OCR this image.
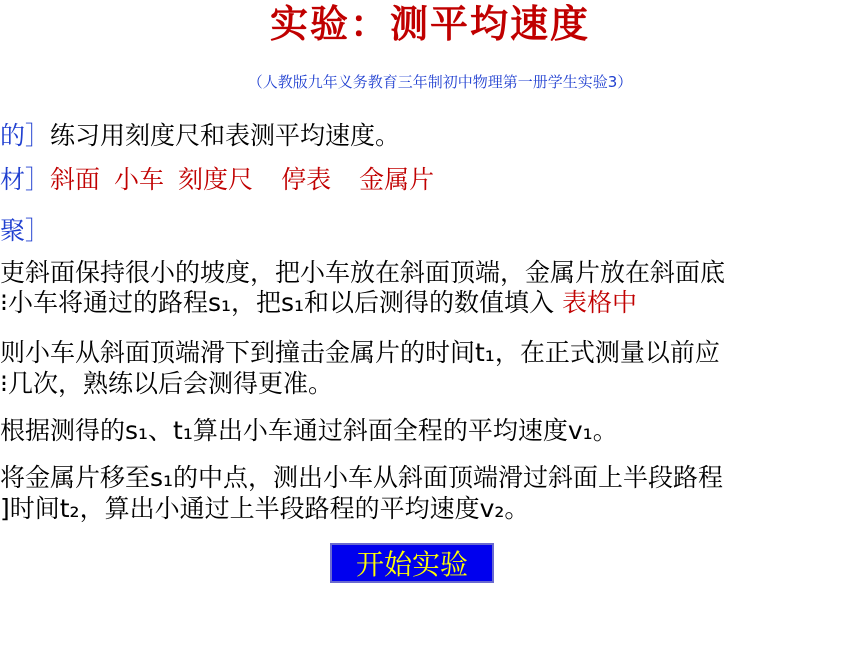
实验：测平均速度
（人教版九年义务教育三年制初中物理第一册学生实验3）
的］练习用刻度尺和表测平均速度。
材］斜面 小车 刻度尺 停表 金属片
聚］
吏斜面保持很小的坡度，把小车放在斜面顶端，金属片放在斜面底
⁝小车将通过的路程s₁，把s₁和以后测得的数值填入 表格中
则小车从斜面顶端滑下到撞击金属片的时间t₁，在正式测量以前应
⁝几次，熟练以后会测得更准。
根据测得的s₁、t₁算出小车通过斜面全程的平均速度v₁。
将金属片移至s₁的中点，测出小车从斜面顶端滑过斜面上半段路程
]时间t₂，算出小通过上半段路程的平均速度v₂。
开始实验
